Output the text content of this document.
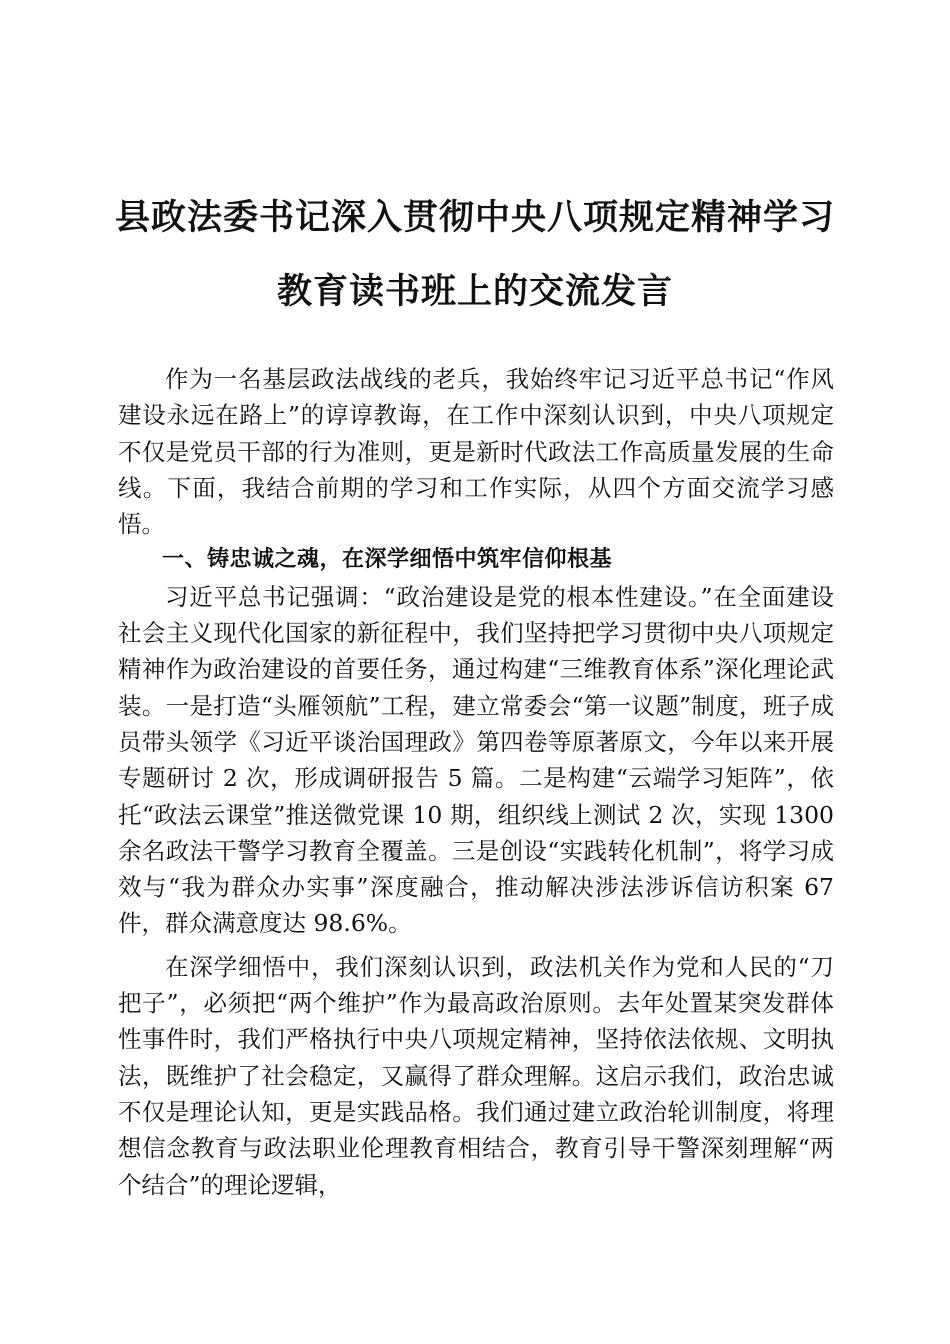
县政法委书记深入贯彻中央八项规定精神学习
教育读书班上的交流发言

作为一名基层政法战线的老兵，我始终牢记习近平总书记“作风建设永远在路上”的谆谆教诲，在工作中深刻认识到，中央八项规定不仅是党员干部的行为准则，更是新时代政法工作高质量发展的生命线。下面，我结合前期的学习和工作实际，从四个方面交流学习感悟。

一、铸忠诚之魂，在深学细悟中筑牢信仰根基

习近平总书记强调：“政治建设是党的根本性建设。”在全面建设社会主义现代化国家的新征程中，我们坚持把学习贯彻中央八项规定精神作为政治建设的首要任务，通过构建“三维教育体系”深化理论武装。一是打造“头雁领航”工程，建立常委会“第一议题”制度，班子成员带头领学《习近平谈治国理政》第四卷等原著原文，今年以来开展专题研讨 2 次，形成调研报告 5 篇。二是构建“云端学习矩阵”，依托“政法云课堂”推送微党课 10 期，组织线上测试 2 次，实现 1300 余名政法干警学习教育全覆盖。三是创设“实践转化机制”，将学习成效与“我为群众办实事”深度融合，推动解决涉法涉诉信访积案 67 件，群众满意度达 98.6%。

在深学细悟中，我们深刻认识到，政法机关作为党和人民的“刀把子”，必须把“两个维护”作为最高政治原则。去年处置某突发群体性事件时，我们严格执行中央八项规定精神，坚持依法依规、文明执法，既维护了社会稳定，又赢得了群众理解。这启示我们，政治忠诚不仅是理论认知，更是实践品格。我们通过建立政治轮训制度，将理想信念教育与政法职业伦理教育相结合，教育引导干警深刻理解“两个结合”的理论逻辑，
